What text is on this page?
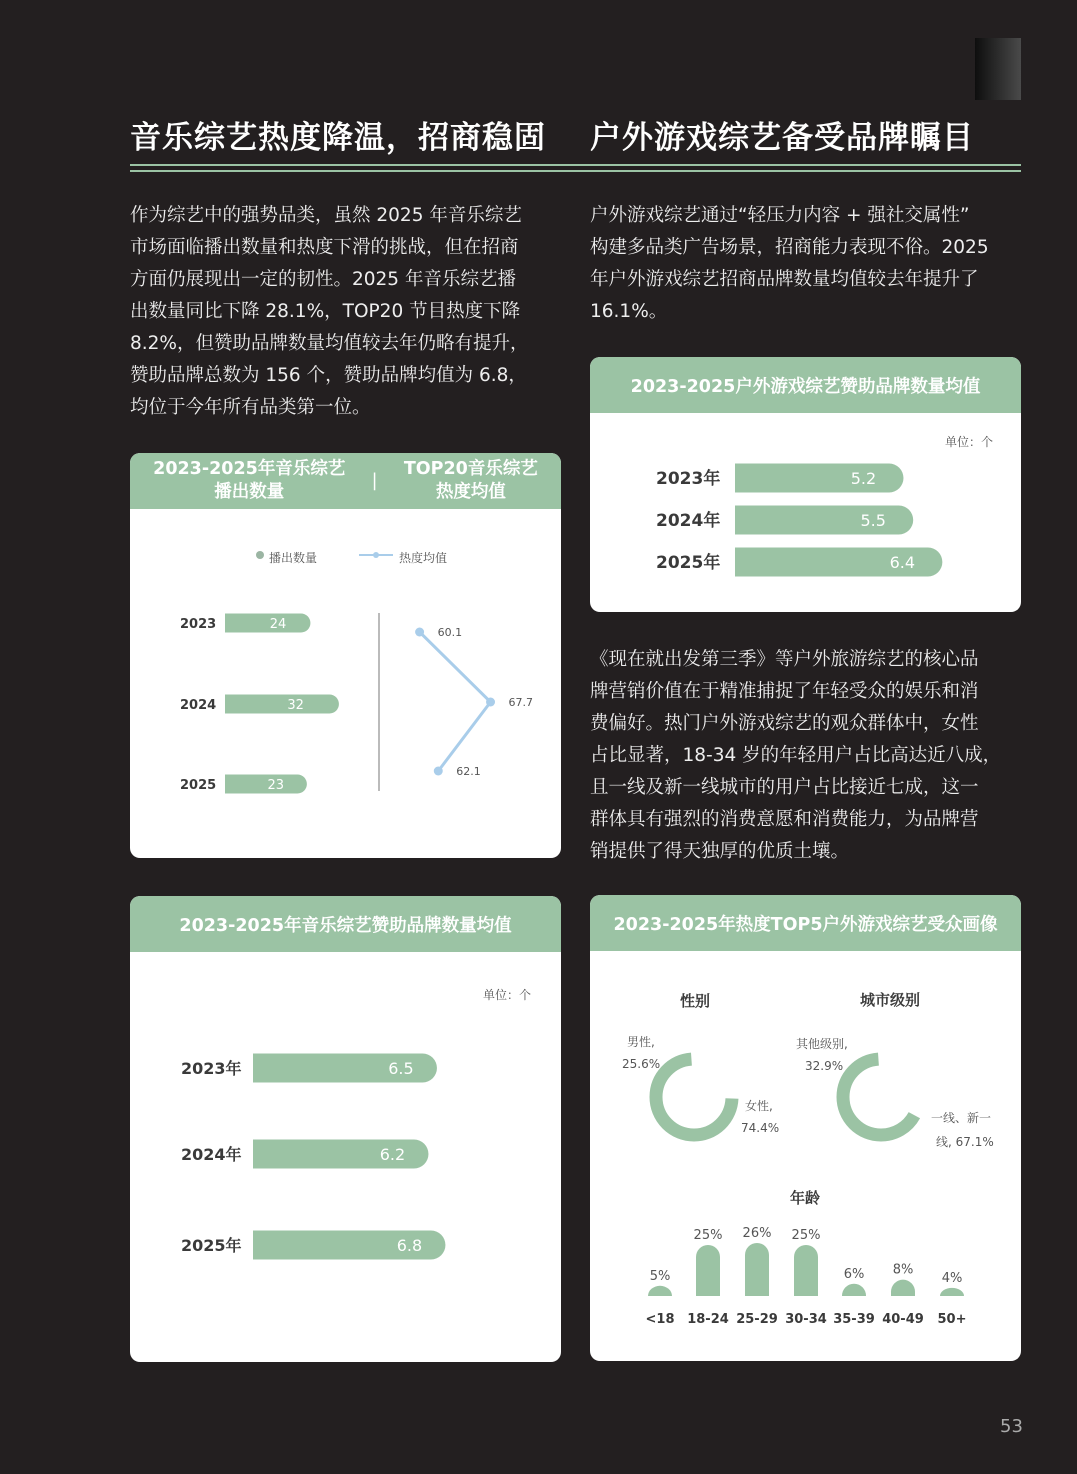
音乐综艺热度降温，招商稳固 户外游戏综艺备受品牌瞩目
作为综艺中的强势品类，虽然 2025 年音乐综艺
市场面临播出数量和热度下滑的挑战，但在招商
方面仍展现出一定的韧性。2025 年音乐综艺播
出数量同比下降 28.1%，TOP20 节目热度下降
8.2%，但赞助品牌数量均值较去年仍略有提升，
赞助品牌总数为 156 个，赞助品牌均值为 6.8，
均位于今年所有品类第一位。
户外游戏综艺通过“轻压力内容 + 强社交属性”
构建多品类广告场景，招商能力表现不俗。2025
年户外游戏综艺招商品牌数量均值较去年提升了
16.1%。
《现在就出发第三季》等户外旅游综艺的核心品
牌营销价值在于精准捕捉了年轻受众的娱乐和消
费偏好。热门户外游戏综艺的观众群体中，女性
占比显著，18-34 岁的年轻用户占比高达近八成，
且一线及新一线城市的用户占比接近七成，这一
群体具有强烈的消费意愿和消费能力，为品牌营
销提供了得天独厚的优质土壤。
2023-2025年音乐综艺
播出数量
|
TOP20音乐综艺
热度均值
播出数量	热度均值
2023	24
2024	32
2025	23
60.1
67.7
62.1
2023-2025年音乐综艺赞助品牌数量均值
单位：个
2023年	6.5
2024年	6.2
2025年	6.8
2023-2025户外游戏综艺赞助品牌数量均值
单位：个
2023年	5.2
2024年	5.5
2025年	6.4
2023-2025年热度TOP5户外游戏综艺受众画像
性别	城市级别
年龄
男性,
25.6%
女性,
74.4%
其他级别,
32.9%
一线、新一
线, 67.1%
5%
<18
25%
18-24
26%
25-29
25%
30-34
6%
35-39
8%
40-49
4%
50+
53
